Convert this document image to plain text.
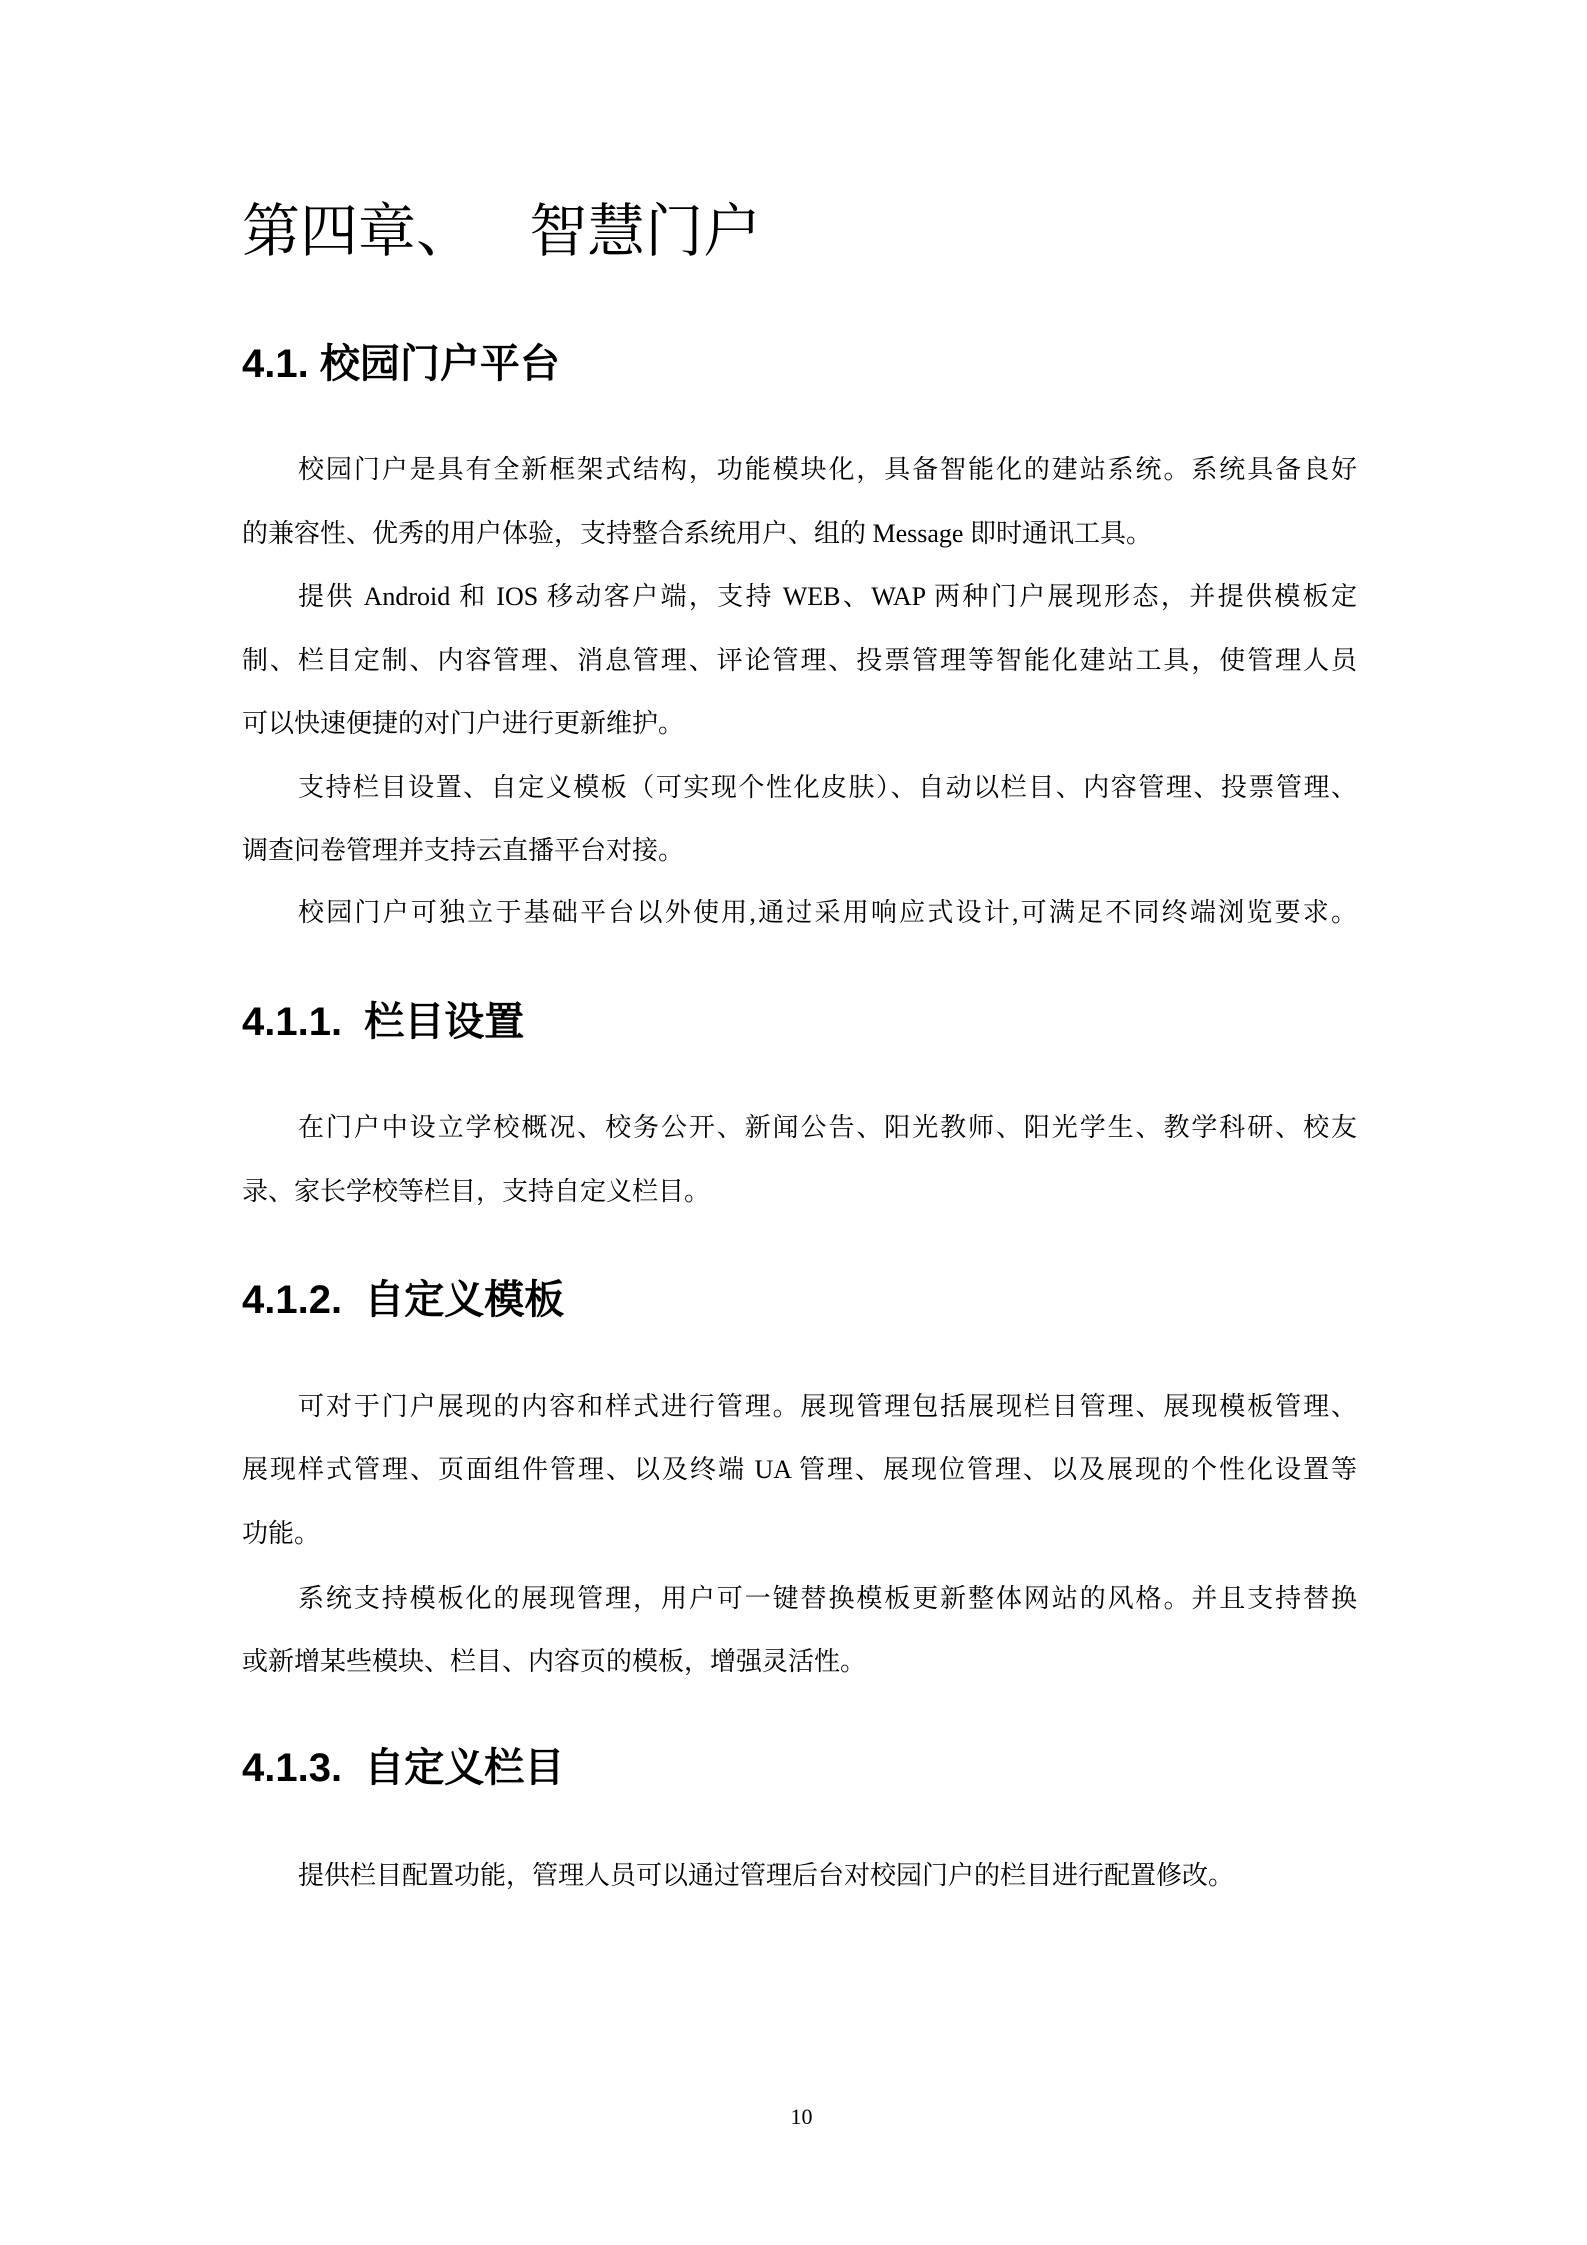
第四章、   智慧门户
4.1. 校园门户平台
校园门户是具有全新框架式结构，功能模块化，具备智能化的建站系统。系统具备良好
的兼容性、优秀的用户体验，支持整合系统用户、组的 Message 即时通讯工具。
提供 Android 和 IOS 移动客户端，支持 WEB、WAP 两种门户展现形态，并提供模板定
制、栏目定制、内容管理、消息管理、评论管理、投票管理等智能化建站工具，使管理人员
可以快速便捷的对门户进行更新维护。
支持栏目设置、自定义模板（可实现个性化皮肤）、自动以栏目、内容管理、投票管理、
调查问卷管理并支持云直播平台对接。
校园门户可独立于基础平台以外使用,通过采用响应式设计,可满足不同终端浏览要求。
4.1.1.  栏目设置
在门户中设立学校概况、校务公开、新闻公告、阳光教师、阳光学生、教学科研、校友
录、家长学校等栏目，支持自定义栏目。
4.1.2.  自定义模板
可对于门户展现的内容和样式进行管理。展现管理包括展现栏目管理、展现模板管理、
展现样式管理、页面组件管理、以及终端 UA 管理、展现位管理、以及展现的个性化设置等
功能。
系统支持模板化的展现管理，用户可一键替换模板更新整体网站的风格。并且支持替换
或新增某些模块、栏目、内容页的模板，增强灵活性。
4.1.3.  自定义栏目
提供栏目配置功能，管理人员可以通过管理后台对校园门户的栏目进行配置修改。
10
